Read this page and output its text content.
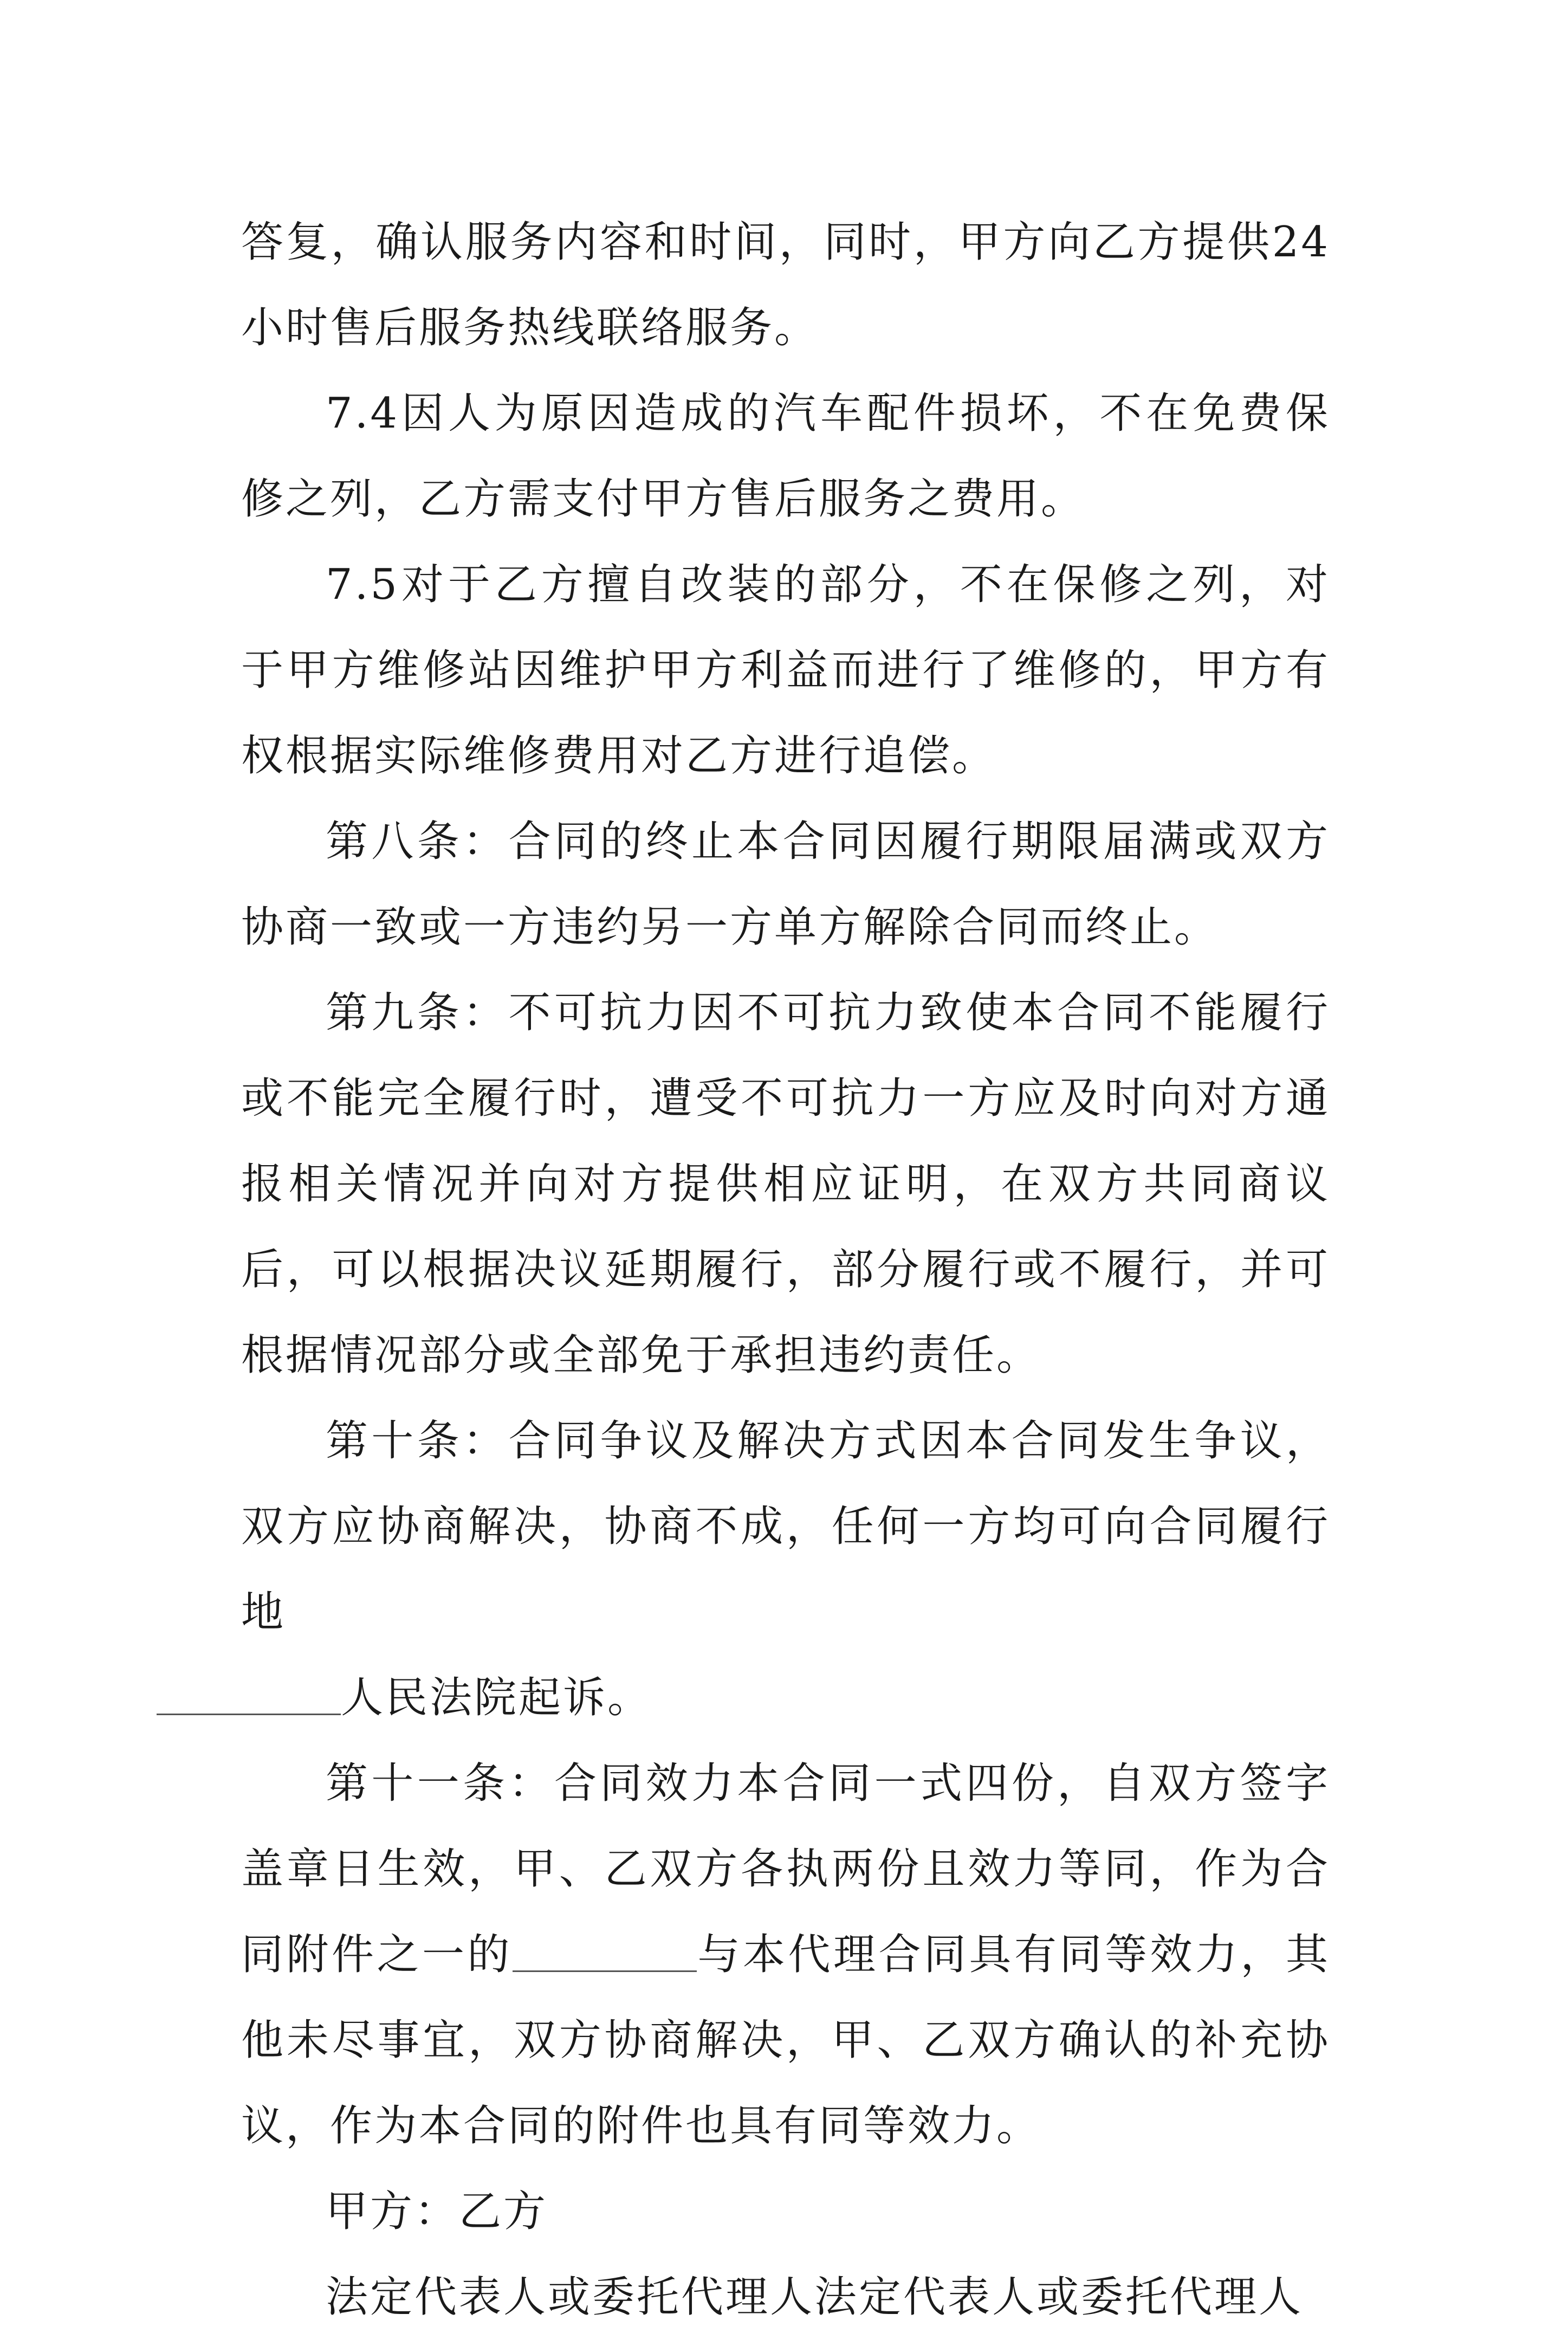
答复，确认服务内容和时间，同时，甲方向乙方提供24小时售后服务热线联络服务。

7.4因人为原因造成的汽车配件损坏，不在免费保修之列，乙方需支付甲方售后服务之费用。

7.5对于乙方擅自改装的部分，不在保修之列，对于甲方维修站因维护甲方利益而进行了维修的，甲方有权根据实际维修费用对乙方进行追偿。

第八条：合同的终止本合同因履行期限届满或双方协商一致或一方违约另一方单方解除合同而终止。

第九条：不可抗力因不可抗力致使本合同不能履行或不能完全履行时，遭受不可抗力一方应及时向对方通报相关情况并向对方提供相应证明，在双方共同商议后，可以根据决议延期履行，部分履行或不履行，并可根据情况部分或全部免于承担违约责任。

第十条：合同争议及解决方式因本合同发生争议，双方应协商解决，协商不成，任何一方均可向合同履行地
人民法院起诉。

第十一条：合同效力本合同一式四份，自双方签字盖章日生效，甲、乙双方各执两份且效力等同，作为合同附件之一的	与本代理合同具有同等效力，其他未尽事宜，双方协商解决，甲、乙双方确认的补充协议，作为本合同的附件也具有同等效力。

甲方：乙方

法定代表人或委托代理人法定代表人或委托代理人
